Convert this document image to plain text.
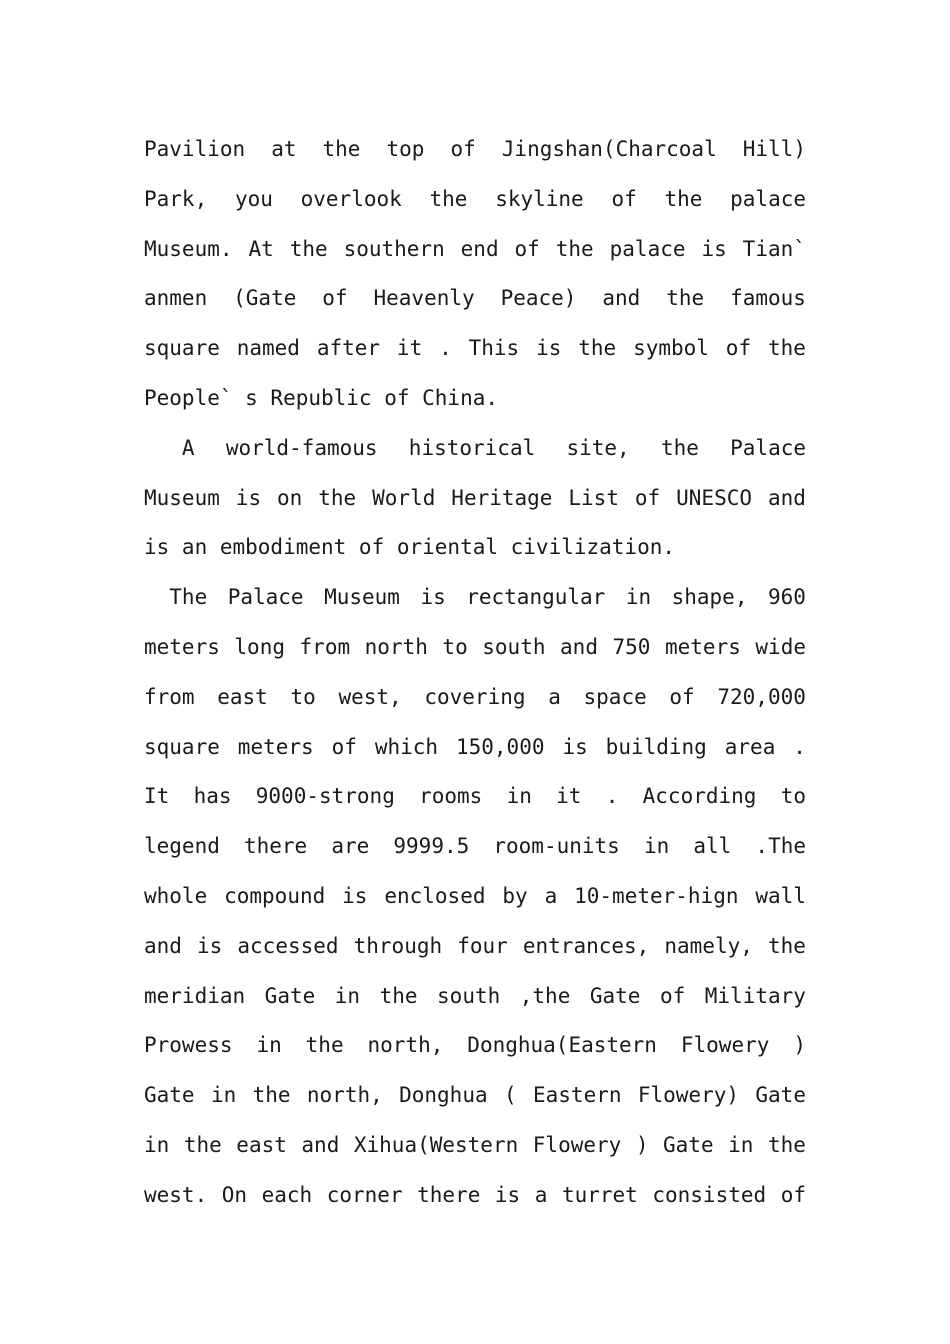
Pavilion at the top of Jingshan(Charcoal Hill)
Park, you overlook the skyline of the palace
Museum. At the southern end of the palace is Tian`
anmen (Gate of Heavenly Peace) and the famous
square named after it . This is the symbol of the
People` s Republic of China.
A world-famous historical site, the Palace
Museum is on the World Heritage List of UNESCO and
is an embodiment of oriental civilization.
The Palace Museum is rectangular in shape, 960
meters long from north to south and 750 meters wide
from east to west, covering a space of 720,000
square meters of which 150,000 is building area .
It has 9000-strong rooms in it . According to
legend there are 9999.5 room-units in all .The
whole compound is enclosed by a 10-meter-hign wall
and is accessed through four entrances, namely, the
meridian Gate in the south ,the Gate of Military
Prowess in the north, Donghua(Eastern Flowery )
Gate in the north, Donghua ( Eastern Flowery) Gate
in the east and Xihua(Western Flowery ) Gate in the
west. On each corner there is a turret consisted of
